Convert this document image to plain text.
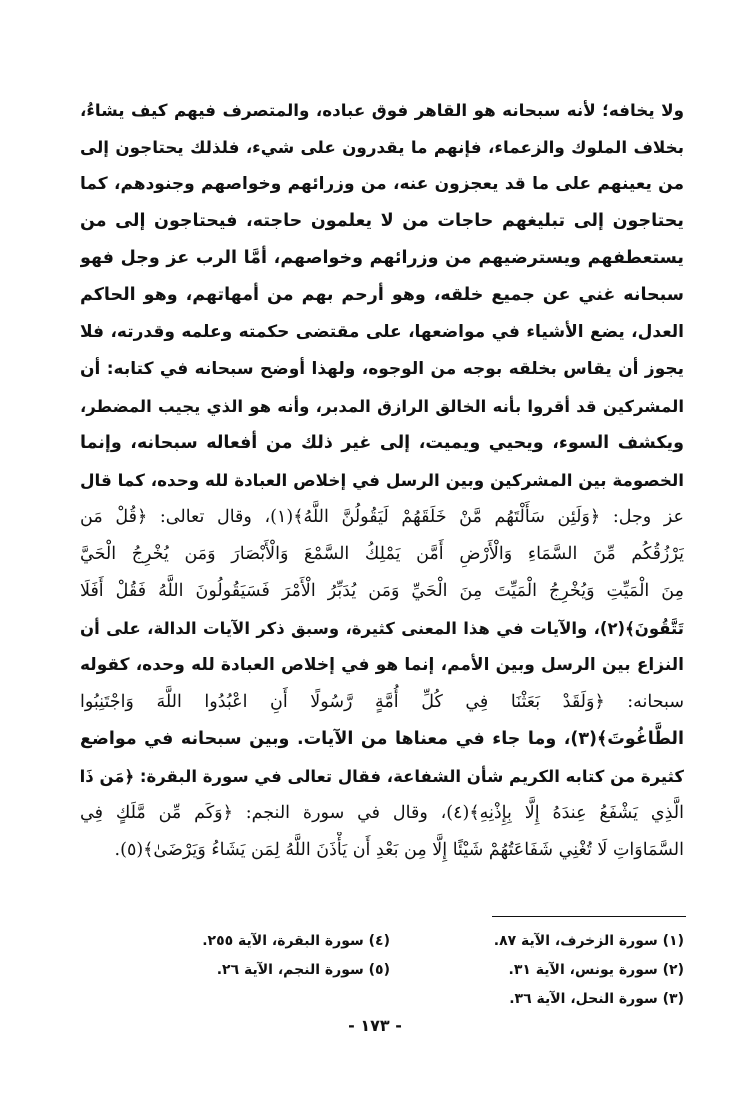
ولا يخافه؛ لأنه سبحانه هو القاهر فوق عباده، والمتصرف فيهم كيف يشاءُ،
بخلاف الملوك والزعماء، فإنهم ما يقدرون على شيء، فلذلك يحتاجون إلى
من يعينهم على ما قد يعجزون عنه، من وزرائهم وخواصهم وجنودهم، كما
يحتاجون إلى تبليغهم حاجات من لا يعلمون حاجته، فيحتاجون إلى من
يستعطفهم ويسترضيهم من وزرائهم وخواصهم، أمَّا الرب عز وجل فهو
سبحانه غني عن جميع خلقه، وهو أرحم بهم من أمهاتهم، وهو الحاكم
العدل، يضع الأشياء في مواضعها، على مقتضى حكمته وعلمه وقدرته، فلا
يجوز أن يقاس بخلقه بوجه من الوجوه، ولهذا أوضح سبحانه في كتابه: أن
المشركين قد أقروا بأنه الخالق الرازق المدبر، وأنه هو الذي يجيب المضطر،
ويكشف السوء، ويحيي ويميت، إلى غير ذلك من أفعاله سبحانه، وإنما
الخصومة بين المشركين وبين الرسل في إخلاص العبادة لله وحده، كما قال
عز وجل: ﴿وَلَئِن سَأَلْتَهُم مَّنْ خَلَقَهُمْ لَيَقُولُنَّ اللَّهُ﴾(١)، وقال تعالى: ﴿قُلْ مَن
يَرْزُقُكُم مِّنَ السَّمَاءِ وَالْأَرْضِ أَمَّن يَمْلِكُ السَّمْعَ وَالْأَبْصَارَ وَمَن يُخْرِجُ الْحَيَّ
مِنَ الْمَيِّتِ وَيُخْرِجُ الْمَيِّتَ مِنَ الْحَيِّ وَمَن يُدَبِّرُ الْأَمْرَ فَسَيَقُولُونَ اللَّهُ فَقُلْ أَفَلَا
تَتَّقُونَ﴾(٢)، والآيات في هذا المعنى كثيرة، وسبق ذكر الآيات الدالة، على أن
النزاع بين الرسل وبين الأمم، إنما هو في إخلاص العبادة لله وحده، كقوله
سبحانه: ﴿وَلَقَدْ بَعَثْنَا فِي كُلِّ أُمَّةٍ رَّسُولًا أَنِ اعْبُدُوا اللَّهَ وَاجْتَنِبُوا
الطَّاغُوتَ﴾(٣)، وما جاء في معناها من الآيات. وبين سبحانه في مواضع
كثيرة من كتابه الكريم شأن الشفاعة، فقال تعالى في سورة البقرة: ﴿مَن ذَا
الَّذِي يَشْفَعُ عِندَهُ إِلَّا بِإِذْنِهِ﴾(٤)، وقال في سورة النجم: ﴿وَكَم مِّن مَّلَكٍ فِي
السَّمَاوَاتِ لَا تُغْنِي شَفَاعَتُهُمْ شَيْئًا إِلَّا مِن بَعْدِ أَن يَأْذَنَ اللَّهُ لِمَن يَشَاءُ وَيَرْضَىٰ﴾(٥).
(١) سورة الزخرف، الآية ٨٧.
(٢) سورة يونس، الآية ٣١.
(٣) سورة النحل، الآية ٣٦.
(٤) سورة البقرة، الآية ٢٥٥.
(٥) سورة النجم، الآية ٢٦.
- ١٧٣ -
